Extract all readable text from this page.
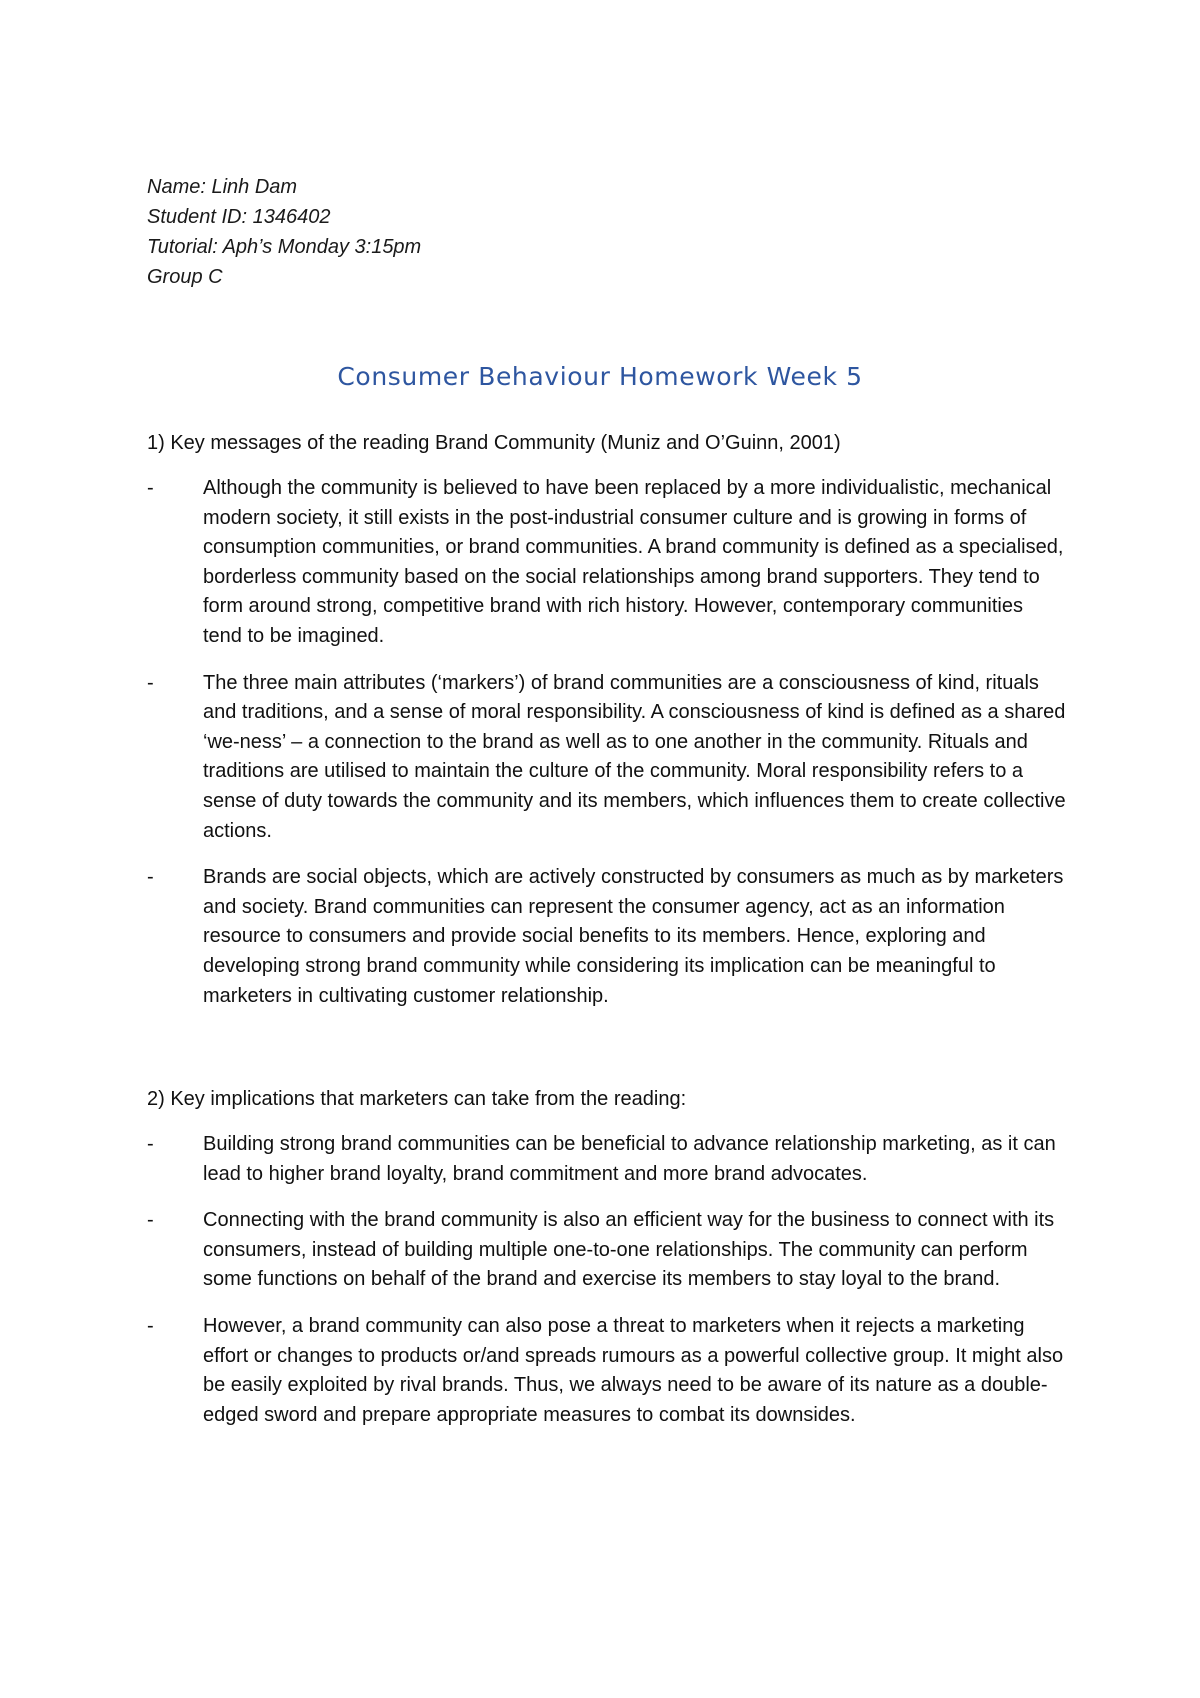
Name: Linh Dam
Student ID: 1346402
Tutorial: Aph’s Monday 3:15pm
Group C
Consumer Behaviour Homework Week 5
1) Key messages of the reading Brand Community (Muniz and O’Guinn, 2001)
-	Although the community is believed to have been replaced by a more individualistic, mechanical modern society, it still exists in the post-industrial consumer culture and is growing in forms of consumption communities, or brand communities. A brand community is defined as a specialised, borderless community based on the social relationships among brand supporters. They tend to form around strong, competitive brand with rich history. However, contemporary communities tend to be imagined.
-	The three main attributes (‘markers’) of brand communities are a consciousness of kind, rituals and traditions, and a sense of moral responsibility. A consciousness of kind is defined as a shared ‘we-ness’ – a connection to the brand as well as to one another in the community. Rituals and traditions are utilised to maintain the culture of the community. Moral responsibility refers to a sense of duty towards the community and its members, which influences them to create collective actions.
-	Brands are social objects, which are actively constructed by consumers as much as by marketers and society. Brand communities can represent the consumer agency, act as an information resource to consumers and provide social benefits to its members. Hence, exploring and developing strong brand community while considering its implication can be meaningful to marketers in cultivating customer relationship.
2) Key implications that marketers can take from the reading:
-	Building strong brand communities can be beneficial to advance relationship marketing, as it can lead to higher brand loyalty, brand commitment and more brand advocates.
-	Connecting with the brand community is also an efficient way for the business to connect with its consumers, instead of building multiple one-to-one relationships. The community can perform some functions on behalf of the brand and exercise its members to stay loyal to the brand.
-	However, a brand community can also pose a threat to marketers when it rejects a marketing effort or changes to products or/and spreads rumours as a powerful collective group. It might also be easily exploited by rival brands. Thus, we always need to be aware of its nature as a double-edged sword and prepare appropriate measures to combat its downsides.
